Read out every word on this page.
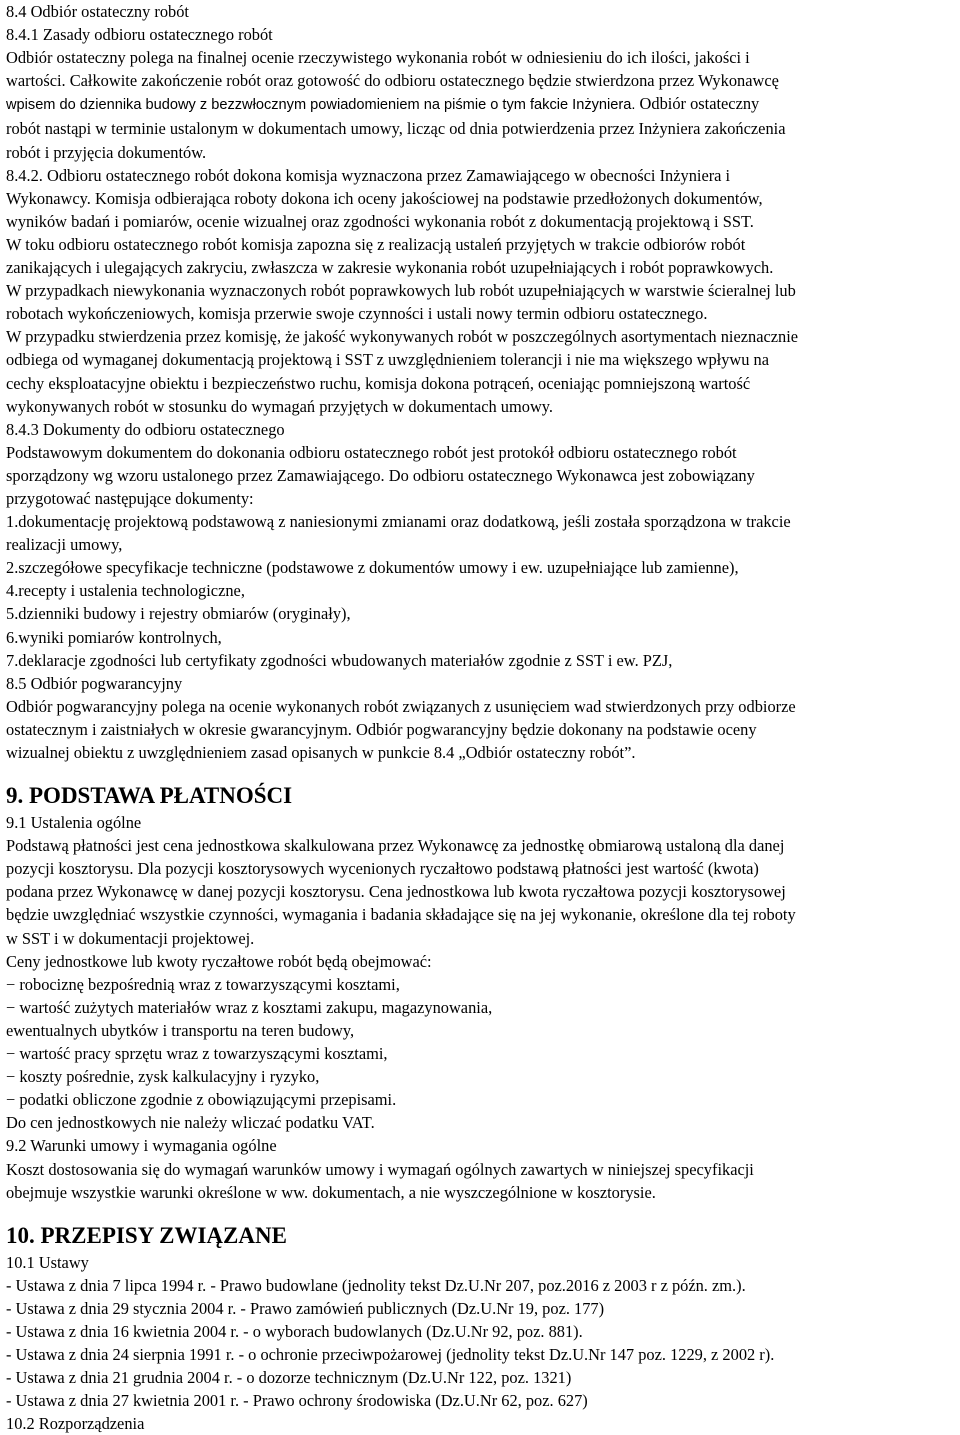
8.4 Odbiór ostateczny robót
8.4.1 Zasady odbioru ostatecznego robót
Odbiór ostateczny polega na finalnej ocenie rzeczywistego wykonania robót w odniesieniu do ich ilości, jakości i
wartości. Całkowite zakończenie robót oraz gotowość do odbioru ostatecznego będzie stwierdzona przez Wykonawcę
wpisem do dziennika budowy z bezzwłocznym powiadomieniem na piśmie o tym fakcie Inżyniera. Odbiór ostateczny
robót nastąpi w terminie ustalonym w dokumentach umowy, licząc od dnia potwierdzenia przez Inżyniera zakończenia
robót i przyjęcia dokumentów.
8.4.2. Odbioru ostatecznego robót dokona komisja wyznaczona przez Zamawiającego w obecności Inżyniera i
Wykonawcy. Komisja odbierająca roboty dokona ich oceny jakościowej na podstawie przedłożonych dokumentów,
wyników badań i pomiarów, ocenie wizualnej oraz zgodności wykonania robót z dokumentacją projektową i SST.
W toku odbioru ostatecznego robót komisja zapozna się z realizacją ustaleń przyjętych w trakcie odbiorów robót
zanikających i ulegających zakryciu, zwłaszcza w zakresie wykonania robót uzupełniających i robót poprawkowych.
W przypadkach niewykonania wyznaczonych robót poprawkowych lub robót uzupełniających w warstwie ścieralnej lub
robotach wykończeniowych, komisja przerwie swoje czynności i ustali nowy termin odbioru ostatecznego.
W przypadku stwierdzenia przez komisję, że jakość wykonywanych robót w poszczególnych asortymentach nieznacznie
odbiega od wymaganej dokumentacją projektową i SST z uwzględnieniem tolerancji i nie ma większego wpływu na
cechy eksploatacyjne obiektu i bezpieczeństwo ruchu, komisja dokona potrąceń, oceniając pomniejszoną wartość
wykonywanych robót w stosunku do wymagań przyjętych w dokumentach umowy.
8.4.3 Dokumenty do odbioru ostatecznego
Podstawowym dokumentem do dokonania odbioru ostatecznego robót jest protokół odbioru ostatecznego robót
sporządzony wg wzoru ustalonego przez Zamawiającego. Do odbioru ostatecznego Wykonawca jest zobowiązany
przygotować następujące dokumenty:
1.dokumentację projektową podstawową z naniesionymi zmianami oraz dodatkową, jeśli została sporządzona w trakcie
realizacji umowy,
2.szczegółowe specyfikacje techniczne (podstawowe z dokumentów umowy i ew. uzupełniające lub zamienne),
4.recepty i ustalenia technologiczne,
5.dzienniki budowy i rejestry obmiarów (oryginały),
6.wyniki pomiarów kontrolnych,
7.deklaracje zgodności lub certyfikaty zgodności wbudowanych materiałów zgodnie z SST i ew. PZJ,
8.5 Odbiór pogwarancyjny
Odbiór pogwarancyjny polega na ocenie wykonanych robót związanych z usunięciem wad stwierdzonych przy odbiorze
ostatecznym i zaistniałych w okresie gwarancyjnym. Odbiór pogwarancyjny będzie dokonany na podstawie oceny
wizualnej obiektu z uwzględnieniem zasad opisanych w punkcie 8.4 „Odbiór ostateczny robót”.
9. PODSTAWA PŁATNOŚCI
9.1 Ustalenia ogólne
Podstawą płatności jest cena jednostkowa skalkulowana przez Wykonawcę za jednostkę obmiarową ustaloną dla danej
pozycji kosztorysu. Dla pozycji kosztorysowych wycenionych ryczałtowo podstawą płatności jest wartość (kwota)
podana przez Wykonawcę w danej pozycji kosztorysu. Cena jednostkowa lub kwota ryczałtowa pozycji kosztorysowej
będzie uwzględniać wszystkie czynności, wymagania i badania składające się na jej wykonanie, określone dla tej roboty
w SST i w dokumentacji projektowej.
Ceny jednostkowe lub kwoty ryczałtowe robót będą obejmować:
− robociznę bezpośrednią wraz z towarzyszącymi kosztami,
− wartość zużytych materiałów wraz z kosztami zakupu, magazynowania,
ewentualnych ubytków i transportu na teren budowy,
− wartość pracy sprzętu wraz z towarzyszącymi kosztami,
− koszty pośrednie, zysk kalkulacyjny i ryzyko,
− podatki obliczone zgodnie z obowiązującymi przepisami.
Do cen jednostkowych nie należy wliczać podatku VAT.
9.2 Warunki umowy i wymagania ogólne
Koszt dostosowania się do wymagań warunków umowy i wymagań ogólnych zawartych w niniejszej specyfikacji
obejmuje wszystkie warunki określone w ww. dokumentach, a nie wyszczególnione w kosztorysie.
10. PRZEPISY ZWIĄZANE
10.1 Ustawy
- Ustawa z dnia 7 lipca 1994 r. - Prawo budowlane (jednolity tekst Dz.U.Nr 207, poz.2016 z 2003 r z późn. zm.).
- Ustawa z dnia 29 stycznia 2004 r. - Prawo zamówień publicznych (Dz.U.Nr 19, poz. 177)
- Ustawa z dnia 16 kwietnia 2004 r. - o wyborach budowlanych (Dz.U.Nr 92, poz. 881).
- Ustawa z dnia 24 sierpnia 1991 r. - o ochronie przeciwpożarowej (jednolity tekst Dz.U.Nr 147 poz. 1229, z 2002 r).
- Ustawa z dnia 21 grudnia 2004 r. - o dozorze technicznym (Dz.U.Nr 122, poz. 1321)
- Ustawa z dnia 27 kwietnia 2001 r. - Prawo ochrony środowiska (Dz.U.Nr 62, poz. 627)
10.2 Rozporządzenia
